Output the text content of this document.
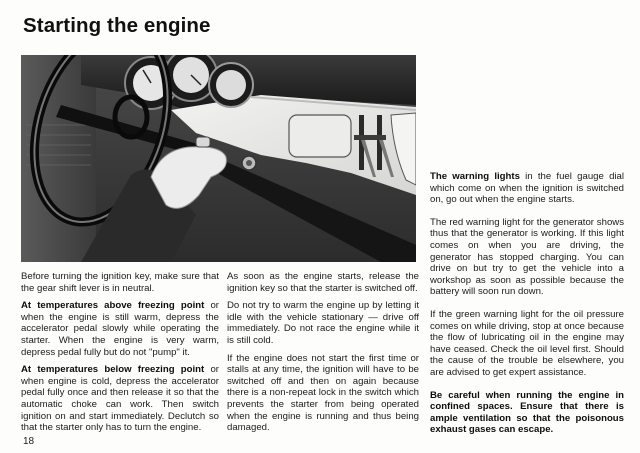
Starting the engine

Before turning the ignition key, make sure that the gear shift lever is in neutral.

At temperatures above freezing point or when the engine is still warm, depress the accelerator pedal slowly while operating the starter. When the engine is very warm, depress pedal fully but do not "pump" it.

At temperatures below freezing point or when engine is cold, depress the accelerator pedal fully once and then release it so that the automatic choke can work. Then switch ignition on and start immediately. Declutch so that the starter only has to turn the engine.

As soon as the engine starts, release the ignition key so that the starter is switched off.

Do not try to warm the engine up by letting it idle with the vehicle stationary — drive off immediately. Do not race the engine while it is still cold.

If the engine does not start the first time or stalls at any time, the ignition will have to be switched off and then on again because there is a non-repeat lock in the switch which prevents the starter from being operated when the engine is running and thus being damaged.

The warning lights in the fuel gauge dial which come on when the ignition is switched on, go out when the engine starts.

The red warning light for the generator shows thus that the generator is working. If this light comes on when you are driving, the generator has stopped charging. You can drive on but try to get the vehicle into a workshop as soon as possible because the battery will soon run down.

If the green warning light for the oil pressure comes on while driving, stop at once because the flow of lubricating oil in the engine may have ceased. Check the oil level first. Should the cause of the trouble be elsewhere, you are advised to get expert assistance.

Be careful when running the engine in confined spaces. Ensure that there is ample ventilation so that the poisonous exhaust gases can escape.

18
